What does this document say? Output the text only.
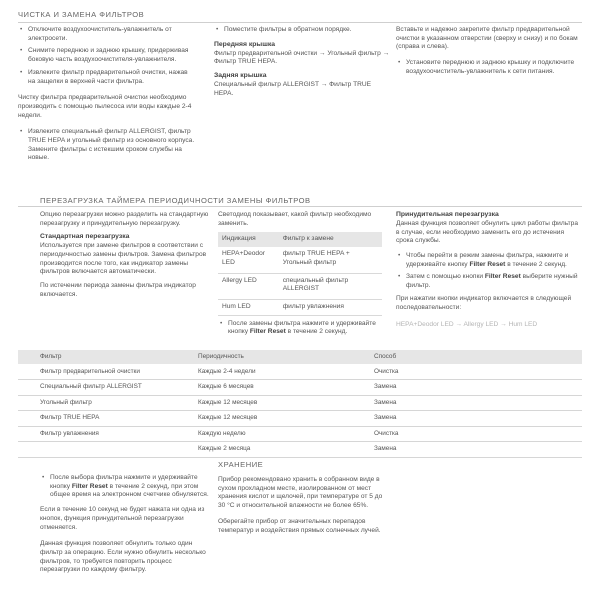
ЧИСТКА И ЗАМЕНА ФИЛЬТРОВ
• Отключите воздухоочиститель-увлажнитель от электросети.
• Снимите переднюю и заднюю крышку, придерживая боковую часть воздухоочистителя-увлажнителя.
• Извлеките фильтр предварительной очистки, нажав на защелки в верхней части фильтра.

Чистку фильтра предварительной очистки необходимо производить с помощью пылесоса или воды каждые 2-4 недели.

• Извлеките специальный фильтр ALLERGIST, фильтр TRUE HEPA и угольный фильтр из основного корпуса. Замените фильтры с истекшим сроком службы на новые.
• Поместите фильтры в обратном порядке.

Передняя крышка

Фильтр предварительной очистки → Угольный фильтр → Фильтр TRUE HEPA.

Задняя крышка

Специальный фильтр ALLERGIST → Фильтр TRUE HEPA.

Вставьте и надежно закрепите фильтр предварительной очистки в указанном отверстии (сверху и снизу) и по бокам (справа и слева).

• Установите переднюю и заднюю крышку и подключите воздухоочиститель-увлажнитель к сети питания.
ПЕРЕЗАГРУЗКА ТАЙМЕРА ПЕРИОДИЧНОСТИ ЗАМЕНЫ ФИЛЬТРОВ

Опцию перезагрузки можно разделить на стандартную перезагрузку и принудительную перезагрузку.

Стандартная перезагрузка

Используется при замене фильтров в соответствии с периодичностью замены фильтров. Замена фильтров производится после того, как индикатор замены фильтров включается автоматически.

По истечении периода замены фильтра индикатор включается.

Светодиод показывает, какой фильтр необходимо заменить.

Индикация	Фильтр к замене
HEPA+Deodor LED	фильтр TRUE HEPA + Угольный фильтр
Allergy LED	специальный фильтр ALLERGIST
Hum LED	фильтр увлажнения
• После замены фильтра нажмите и удерживайте кнопку Filter Reset в течение 2 секунд.

Принудительная перезагрузка

Данная функция позволяет обнулить цикл работы фильтра в случае, если необходимо заменить его до истечения срока службы.

• Чтобы перейти в режим замены фильтра, нажмите и удерживайте кнопку Filter Reset в течение 2 секунд.
• Затем с помощью кнопки Filter Reset выберите нужный фильтр.

При нажатии кнопки индикатор включается в следующей последовательности:

HEPA+Deodor LED → Allergy LED → Hum LED

Фильтр	Периодичность	Способ
Фильтр предварительной очистки	Каждые 2-4 недели	Очистка
Специальный фильтр ALLERGIST	Каждые 6 месяцев	Замена
Угольный фильтр	Каждые 12 месяцев	Замена
Фильтр TRUE HEPA	Каждые 12 месяцев	Замена
Фильтр увлажнения	Каждую неделю	Очистка
	Каждые 2 месяца	Замена
• После выбора фильтра нажмите и удерживайте кнопку Filter Reset в течение 2 секунд, при этом общее время на электронном счетчике обнуляется.

Если в течение 10 секунд не будет нажата ни одна из кнопок, функция принудительной перезагрузки отменяется.

Данная функция позволяет обнулить только один фильтр за операцию. Если нужно обнулить несколько фильтров, то требуется повторить процесс перезагрузки по каждому фильтру.

ХРАНЕНИЕ

Прибор рекомендовано хранить в собранном виде в сухом прохладном месте, изолированном от мест хранения кислот и щелочей, при температуре от 5 до 30 °С и относительной влажности не более 65%.

Оберегайте прибор от значительных перепадов температур и воздействия прямых солнечных лучей.
